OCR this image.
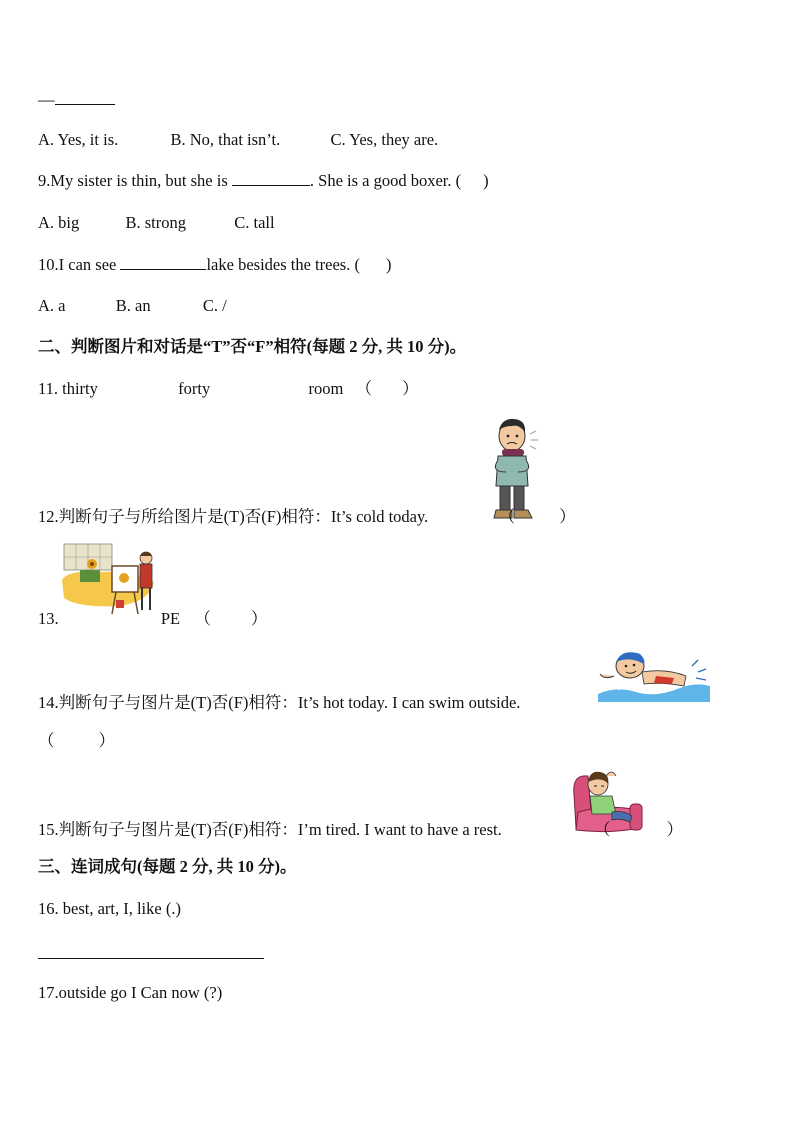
—
A. Yes, it is.	B. No, that isn’t.	C. Yes, they are.
9.My sister is thin, but she is	. She is a good boxer. ( )
A. big	B. strong	C. tall
10.I can see	lake besides the trees. ( )
A. a	B. an	C. /
二、判断图片和对话是“T”否“F”相符(每题 2 分, 共 10 分)。
11. thirty	forty	room （ ）
12.判断句子与所给图片是(T)否(F)相符：It’s cold today.	（	）
13.	PE （ ）
14.判断句子与图片是(T)否(F)相符：It’s hot today. I can swim outside.
（	）
15.判断句子与图片是(T)否(F)相符：I’m tired. I want to have a rest.	（	）
三、连词成句(每题 2 分, 共 10 分)。
16. best, art, I, like (.)
17.outside go I Can now (?)
